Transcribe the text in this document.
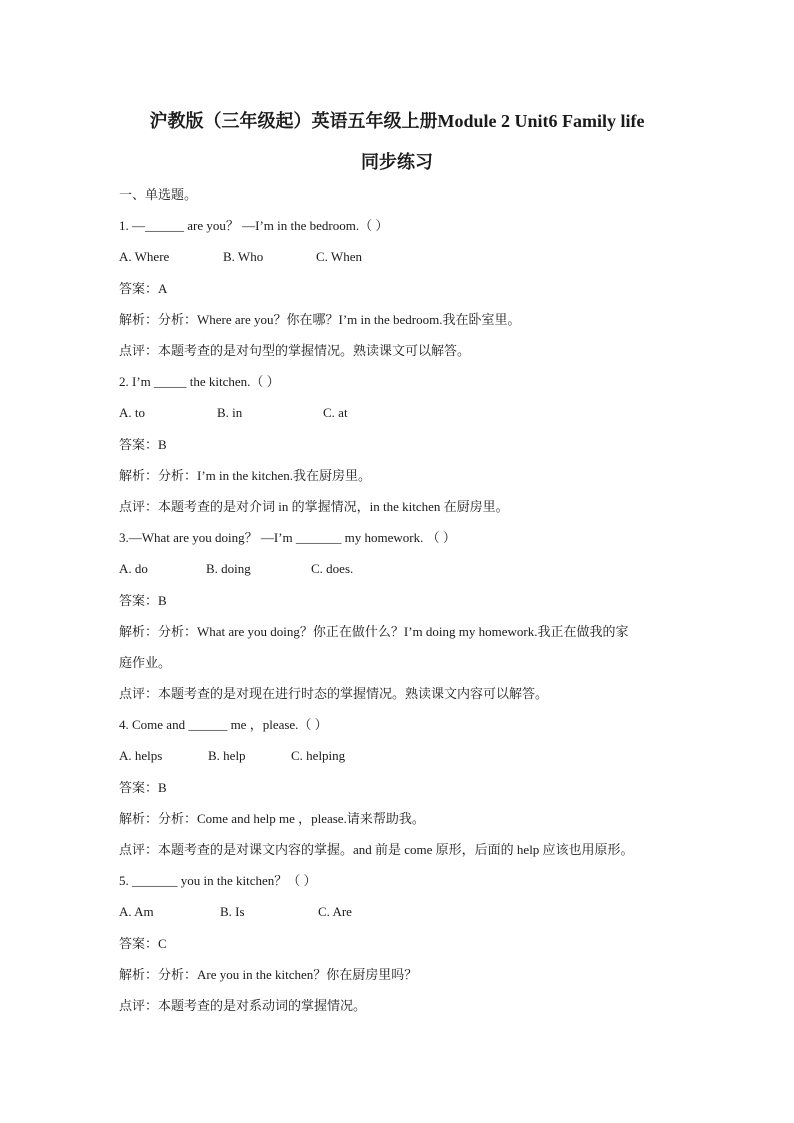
沪教版（三年级起）英语五年级上册Module 2 Unit6 Family life
同步练习
一、单选题。
1. —______ are you？ —I’m in the bedroom.（ ）
A. Where	B. Who	C. When
答案：A
解析：分析：Where are you？你在哪？I’m in the bedroom.我在卧室里。
点评：本题考查的是对句型的掌握情况。熟读课文可以解答。
2. I’m _____ the kitchen.（ ）
A. to	B. in	C. at
答案：B
解析：分析：I’m in the kitchen.我在厨房里。
点评：本题考查的是对介词 in 的掌握情况，in the kitchen 在厨房里。
3.—What are you doing？ —I’m _______ my homework. （ ）
A. do	B. doing	C. does.
答案：B
解析：分析：What are you doing？你正在做什么？I’m doing my homework.我正在做我的家
庭作业。
点评：本题考查的是对现在进行时态的掌握情况。熟读课文内容可以解答。
4. Come and ______ me ，please.（ ）
A. helps	B. help	C. helping
答案：B
解析：分析：Come and help me ，please.请来帮助我。
点评：本题考查的是对课文内容的掌握。and 前是 come 原形，后面的 help 应该也用原形。
5. _______ you in the kitchen？（ ）
A. Am	B. Is	C. Are
答案：C
解析：分析：Are you in the kitchen？你在厨房里吗？
点评：本题考查的是对系动词的掌握情况。
